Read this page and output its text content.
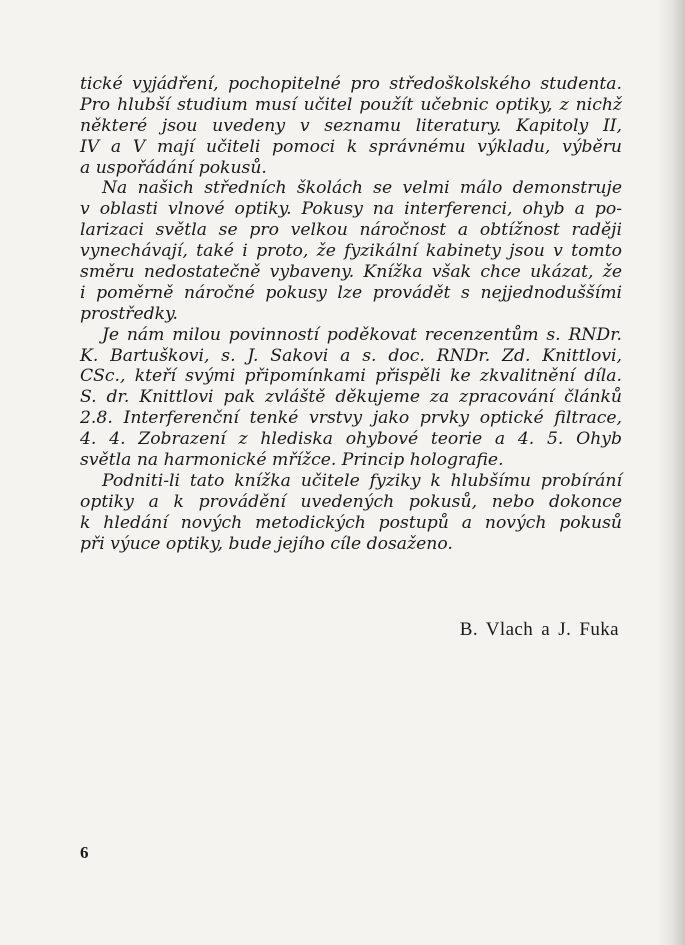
tické vyjádření, pochopitelné pro středoškolského studenta.
Pro hlubší studium musí učitel použít učebnic optiky, z nichž
některé jsou uvedeny v seznamu literatury. Kapitoly II,
IV a V mají učiteli pomoci k správnému výkladu, výběru
a uspořádání pokusů.
Na našich středních školách se velmi málo demonstruje
v oblasti vlnové optiky. Pokusy na interferenci, ohyb a po-
larizaci světla se pro velkou náročnost a obtížnost raději
vynechávají, také i proto, že fyzikální kabinety jsou v tomto
směru nedostatečně vybaveny. Knížka však chce ukázat, že
i poměrně náročné pokusy lze provádět s nejjednoduššími
prostředky.
Je nám milou povinností poděkovat recenzentům s. RNDr.
K. Bartuškovi, s. J. Sakovi a s. doc. RNDr. Zd. Knittlovi,
CSc., kteří svými připomínkami přispěli ke zkvalitnění díla.
S. dr. Knittlovi pak zvláště děkujeme za zpracování článků
2.8. Interferenční tenké vrstvy jako prvky optické filtrace,
4. 4. Zobrazení z hlediska ohybové teorie a 4. 5. Ohyb
světla na harmonické mřížce. Princip holografie.
Podniti-li tato knížka učitele fyziky k hlubšímu probírání
optiky a k provádění uvedených pokusů, nebo dokonce
k hledání nových metodických postupů a nových pokusů
při výuce optiky, bude jejího cíle dosaženo.
B. Vlach a J. Fuka
6
